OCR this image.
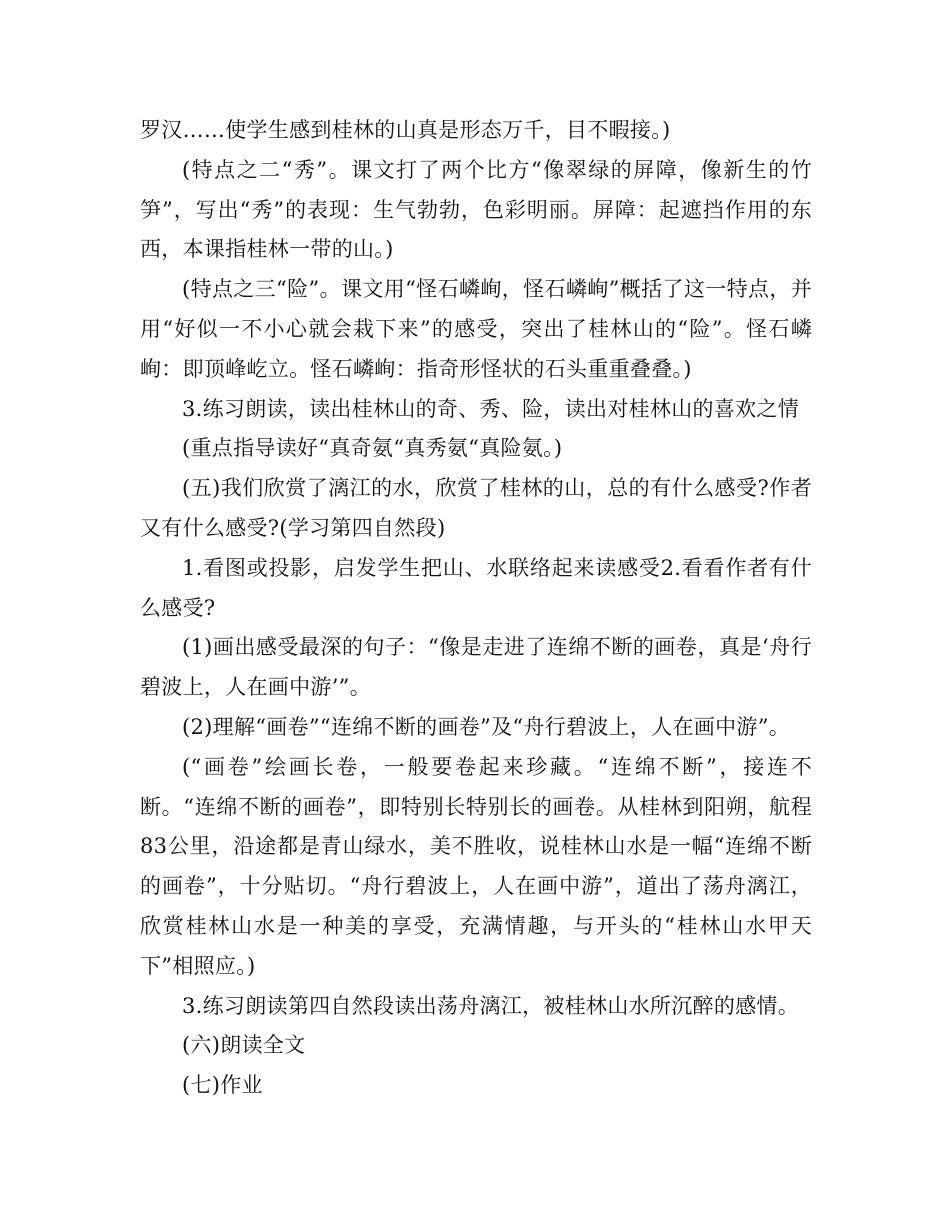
罗汉……使学生感到桂林的山真是形态万千，目不暇接。)

(特点之二“秀”。课文打了两个比方“像翠绿的屏障，像新生的竹笋”，写出“秀”的表现：生气勃勃，色彩明丽。屏障：起遮挡作用的东西，本课指桂林一带的山。)

(特点之三“险”。课文用“怪石嶙峋，怪石嶙峋”概括了这一特点，并用“好似一不小心就会栽下来”的感受，突出了桂林山的“险”。怪石嶙峋：即顶峰屹立。怪石嶙峋：指奇形怪状的石头重重叠叠。)

3.练习朗读，读出桂林山的奇、秀、险，读出对桂林山的喜欢之情

(重点指导读好“真奇氨“真秀氨“真险氨。)

(五)我们欣赏了漓江的水，欣赏了桂林的山，总的有什么感受?作者又有什么感受?(学习第四自然段)

1.看图或投影，启发学生把山、水联络起来读感受2.看看作者有什么感受?

(1)画出感受最深的句子：“像是走进了连绵不断的画卷，真是‘舟行碧波上，人在画中游’”。

(2)理解“画卷”“连绵不断的画卷”及“舟行碧波上，人在画中游”。

(“画卷”绘画长卷，一般要卷起来珍藏。“连绵不断”，接连不断。“连绵不断的画卷”，即特别长特别长的画卷。从桂林到阳朔，航程83公里，沿途都是青山绿水，美不胜收，说桂林山水是一幅“连绵不断的画卷”，十分贴切。“舟行碧波上，人在画中游”，道出了荡舟漓江，欣赏桂林山水是一种美的享受，充满情趣，与开头的“桂林山水甲天下”相照应。)

3.练习朗读第四自然段读出荡舟漓江，被桂林山水所沉醉的感情。

(六)朗读全文

(七)作业
